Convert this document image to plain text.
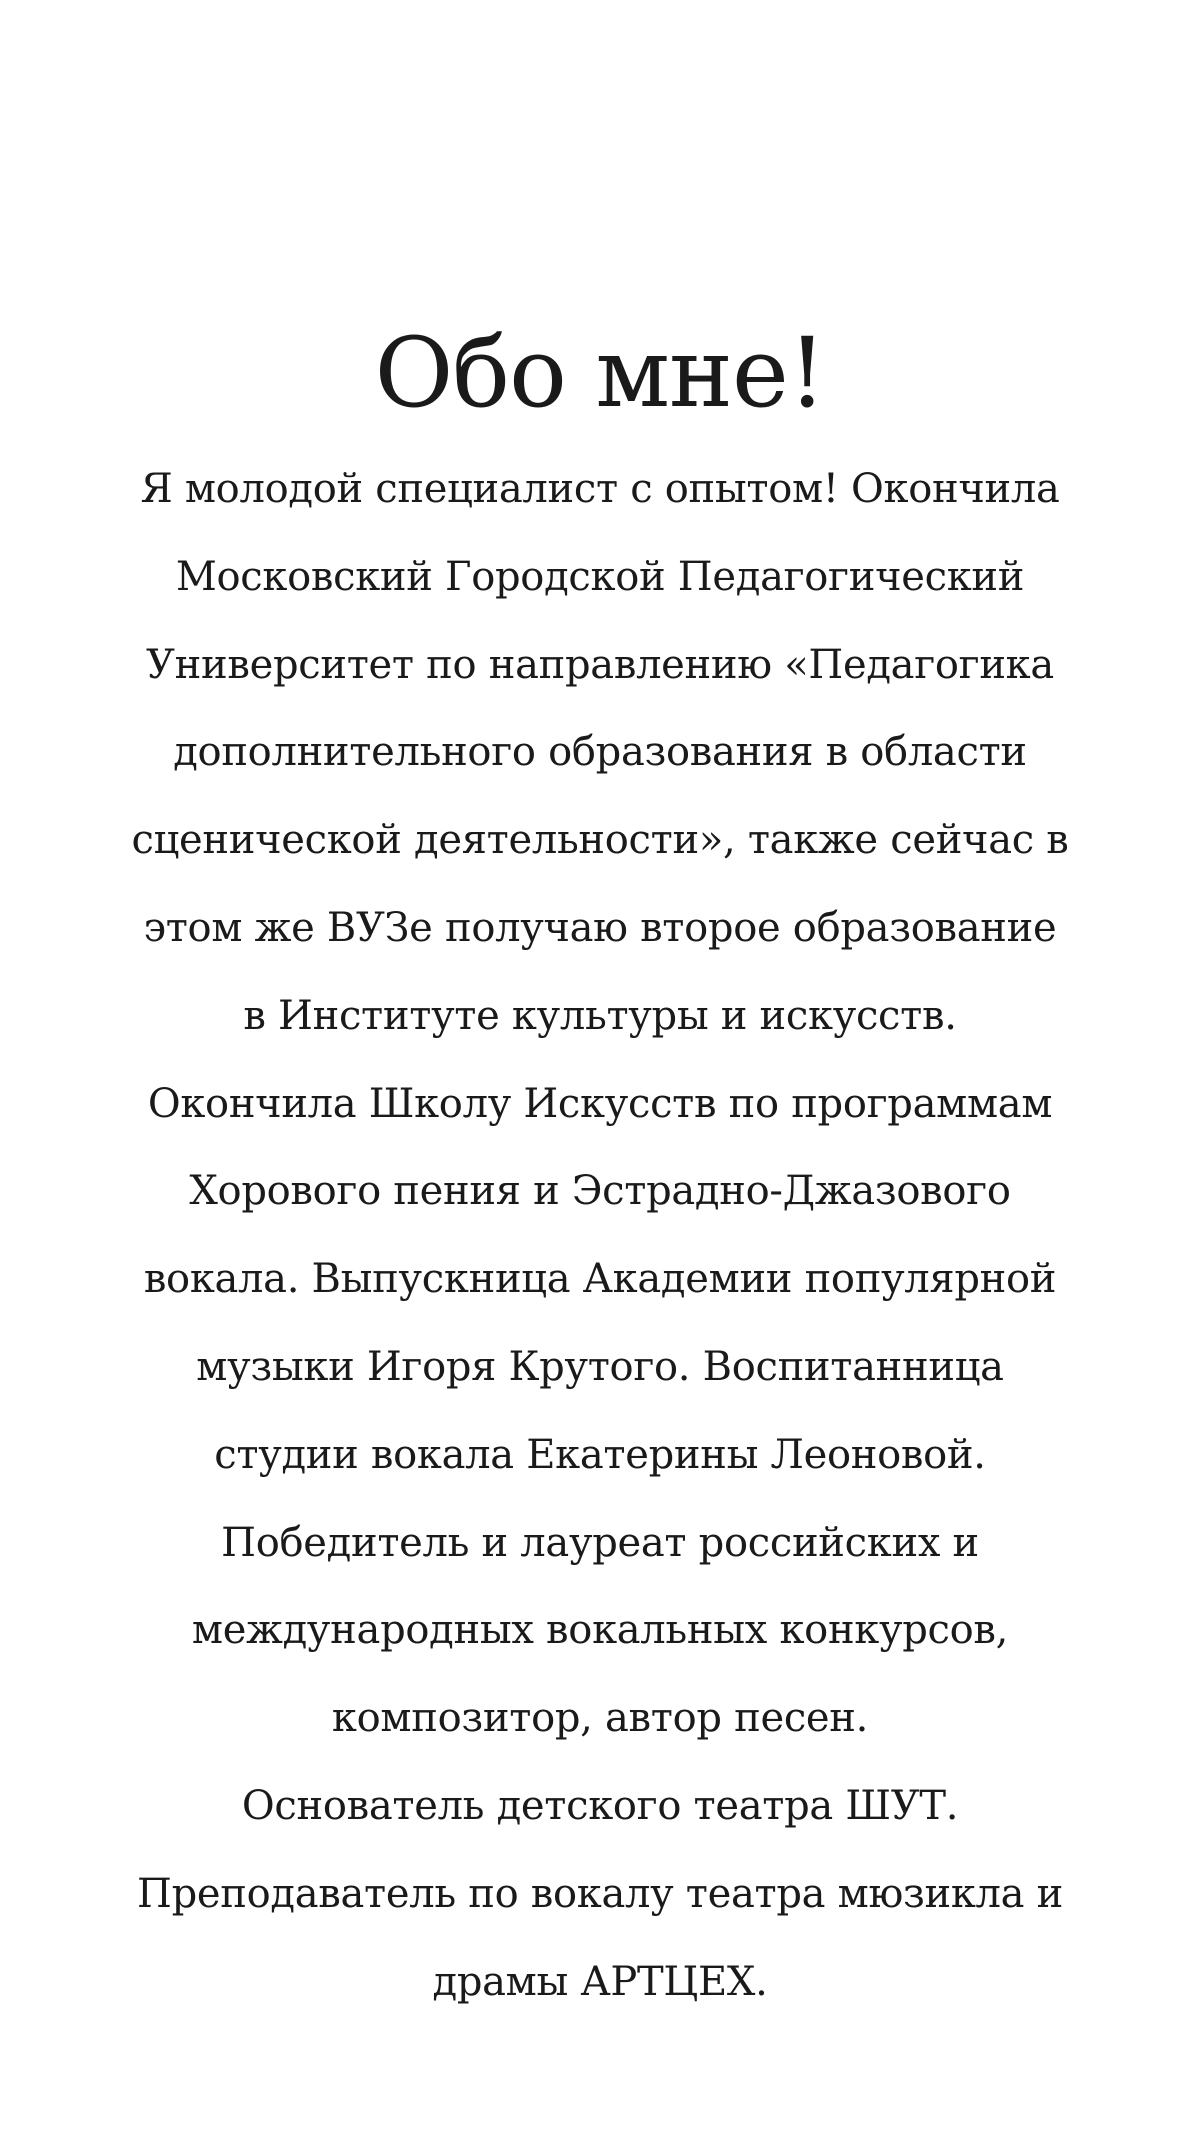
Обо мне!

Я молодой специалист с опытом! Окончила
Московский Городской Педагогический
Университет по направлению «Педагогика
дополнительного образования в области
сценической деятельности», также сейчас в
этом же ВУЗе получаю второе образование
в Институте культуры и искусств.
Окончила Школу Искусств по программам
Хорового пения и Эстрадно-Джазового
вокала. Выпускница Академии популярной
музыки Игоря Крутого. Воспитанница
студии вокала Екатерины Леоновой.
Победитель и лауреат российских и
международных вокальных конкурсов,
композитор, автор песен.
Основатель детского театра ШУТ.
Преподаватель по вокалу театра мюзикла и
драмы АРТЦЕХ.
